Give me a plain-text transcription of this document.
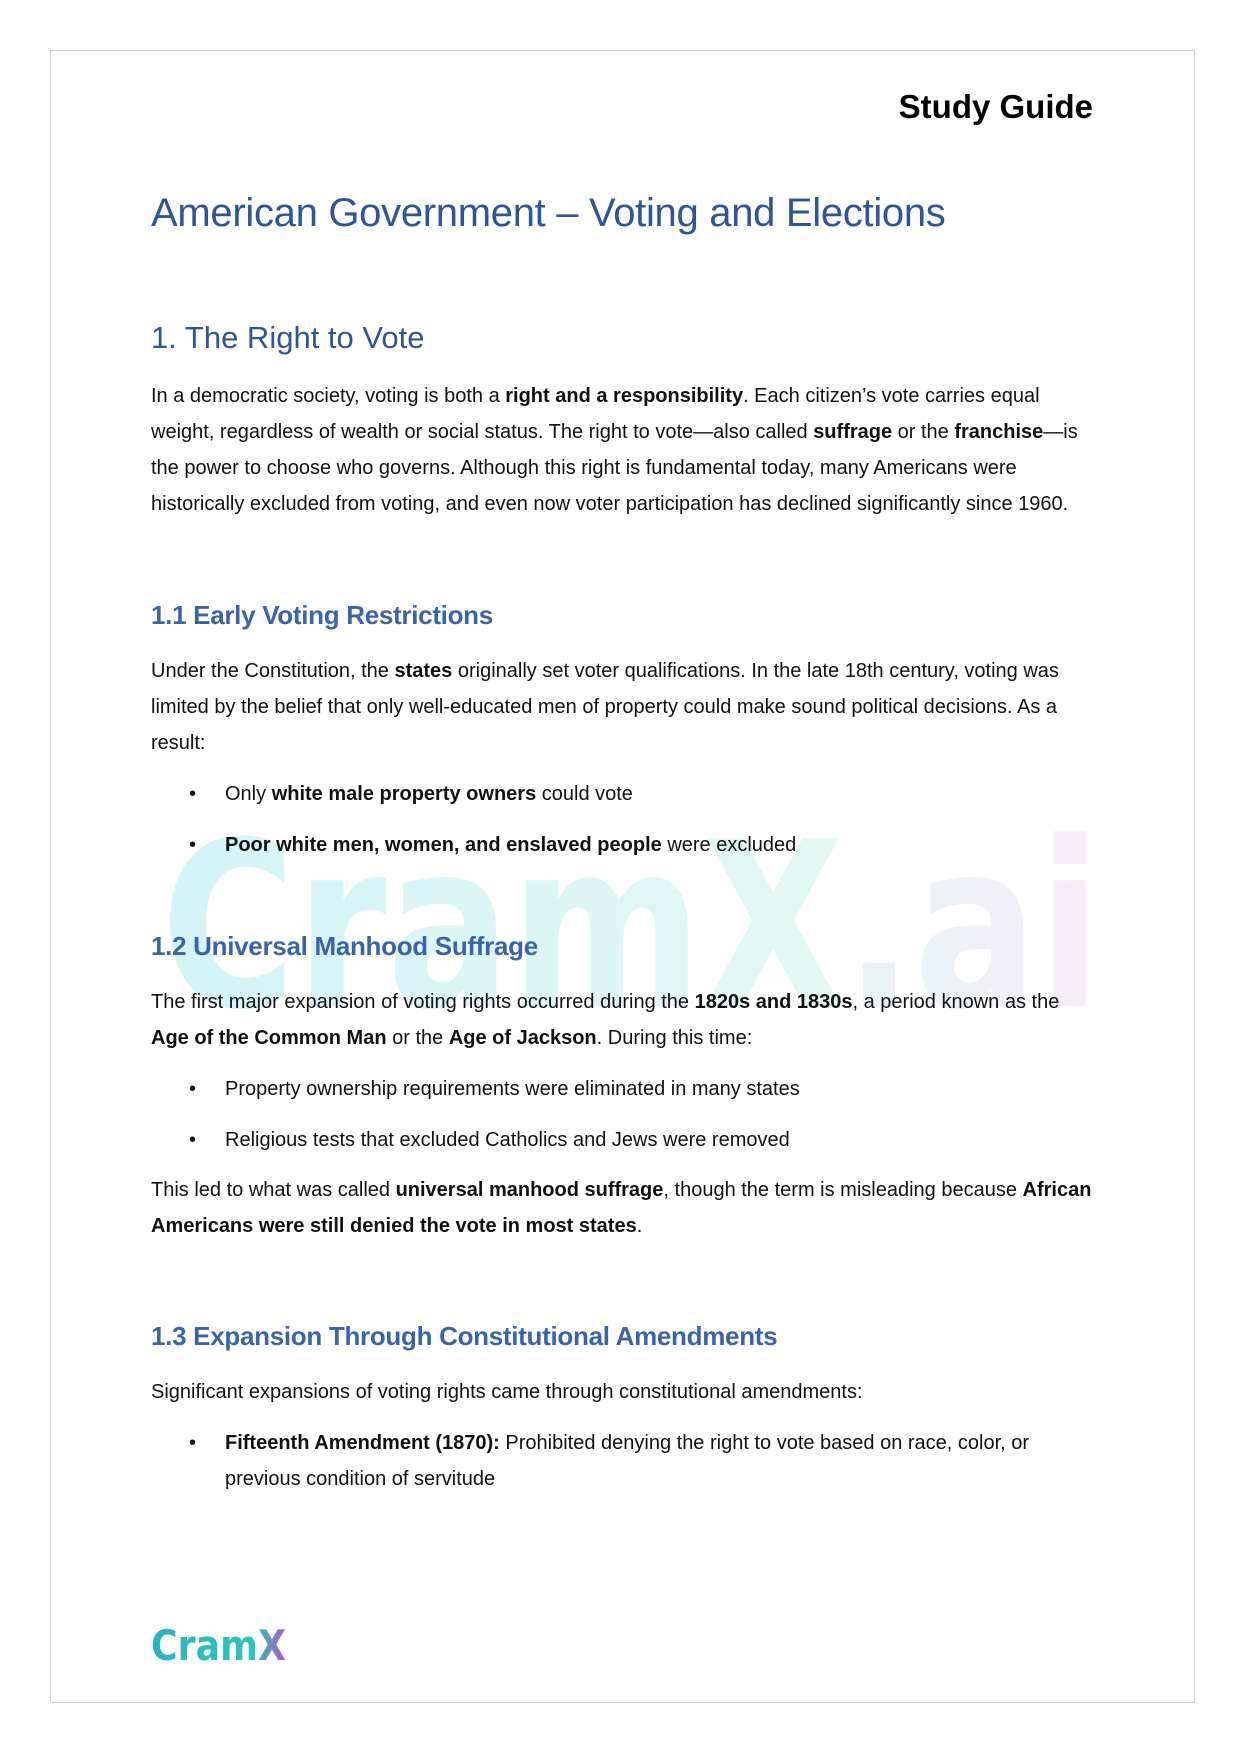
Study Guide
CramX.ai
American Government – Voting and Elections
1. The Right to Vote

In a democratic society, voting is both a right and a responsibility. Each citizen’s vote carries equal weight, regardless of wealth or social status. The right to vote—also called suffrage or the franchise—is the power to choose who governs. Although this right is fundamental today, many Americans were historically excluded from voting, and even now voter participation has declined significantly since 1960.

1.1 Early Voting Restrictions

Under the Constitution, the states originally set voter qualifications. In the late 18th century, voting was limited by the belief that only well-educated men of property could make sound political decisions. As a result:

• Only white male property owners could vote
• Poor white men, women, and enslaved people were excluded
1.2 Universal Manhood Suffrage

The first major expansion of voting rights occurred during the 1820s and 1830s, a period known as the Age of the Common Man or the Age of Jackson. During this time:

• Property ownership requirements were eliminated in many states
• Religious tests that excluded Catholics and Jews were removed

This led to what was called universal manhood suffrage, though the term is misleading because African Americans were still denied the vote in most states.

1.3 Expansion Through Constitutional Amendments

Significant expansions of voting rights came through constitutional amendments:

• Fifteenth Amendment (1870): Prohibited denying the right to vote based on race, color, or previous condition of servitude
CramX
